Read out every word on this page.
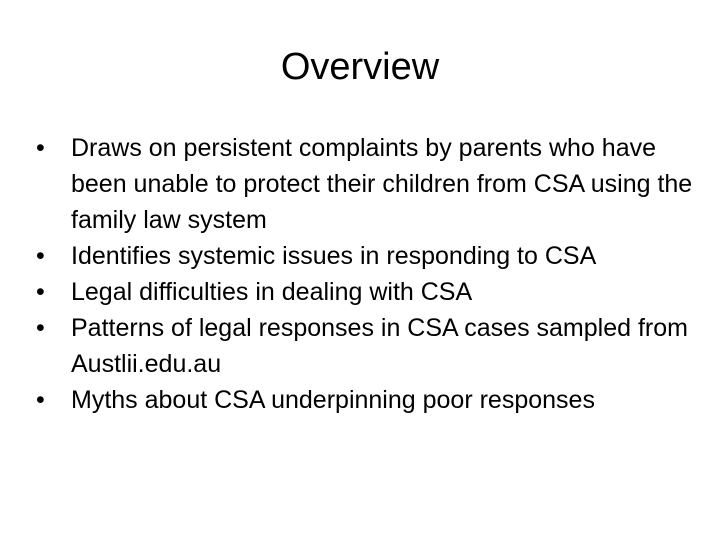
Overview
•	Draws on persistent complaints by parents who have been unable to protect their children from CSA using the family law system
•	Identifies systemic issues in responding to CSA
•	Legal difficulties in dealing with CSA
•	Patterns of legal responses in CSA cases sampled from Austlii.edu.au
•	Myths about CSA underpinning poor responses
